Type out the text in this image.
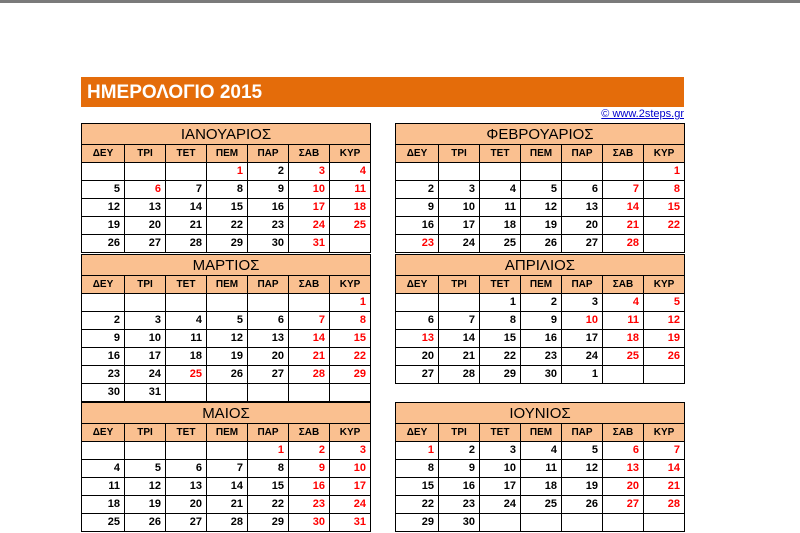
ΗΜΕΡΟΛΟΓΙΟ 2015
© www.2steps.gr
ΙΑΝΟΥΑΡΙΟΣ						
ΔΕΥ	ΤΡΙ	ΤΕΤ	ΠΕΜ	ΠΑΡ	ΣΑΒ	ΚΥΡ
			1	2	3	4
5	6	7	8	9	10	11
12	13	14	15	16	17	18
19	20	21	22	23	24	25
26	27	28	29	30	31	
ΦΕΒΡΟΥΑΡΙΟΣ						
ΔΕΥ	ΤΡΙ	ΤΕΤ	ΠΕΜ	ΠΑΡ	ΣΑΒ	ΚΥΡ
						1
2	3	4	5	6	7	8
9	10	11	12	13	14	15
16	17	18	19	20	21	22
23	24	25	26	27	28	
ΜΑΡΤΙΟΣ						
ΔΕΥ	ΤΡΙ	ΤΕΤ	ΠΕΜ	ΠΑΡ	ΣΑΒ	ΚΥΡ
						1
2	3	4	5	6	7	8
9	10	11	12	13	14	15
16	17	18	19	20	21	22
23	24	25	26	27	28	29
30	31					
ΑΠΡΙΛΙΟΣ						
ΔΕΥ	ΤΡΙ	ΤΕΤ	ΠΕΜ	ΠΑΡ	ΣΑΒ	ΚΥΡ
		1	2	3	4	5
6	7	8	9	10	11	12
13	14	15	16	17	18	19
20	21	22	23	24	25	26
27	28	29	30	1		
ΜΑΙΟΣ						
ΔΕΥ	ΤΡΙ	ΤΕΤ	ΠΕΜ	ΠΑΡ	ΣΑΒ	ΚΥΡ
				1	2	3
4	5	6	7	8	9	10
11	12	13	14	15	16	17
18	19	20	21	22	23	24
25	26	27	28	29	30	31
ΙΟΥΝΙΟΣ						
ΔΕΥ	ΤΡΙ	ΤΕΤ	ΠΕΜ	ΠΑΡ	ΣΑΒ	ΚΥΡ
1	2	3	4	5	6	7
8	9	10	11	12	13	14
15	16	17	18	19	20	21
22	23	24	25	26	27	28
29	30					
